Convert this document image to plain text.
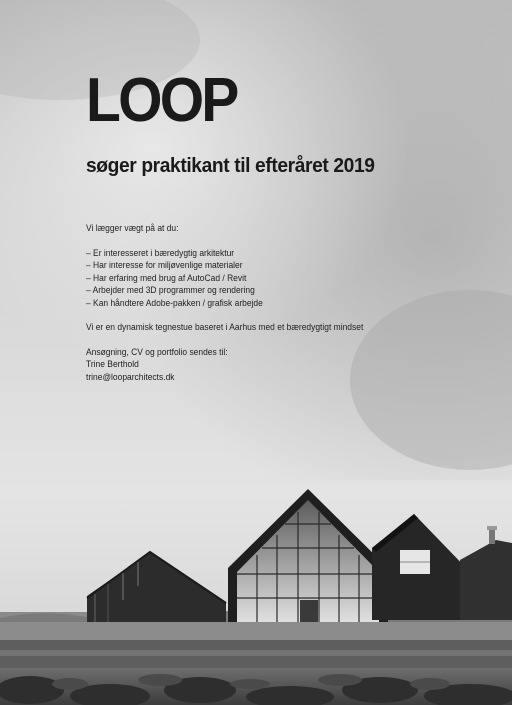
LOOP
søger praktikant til efteråret 2019

Vi lægger vægt på at du:

– Er interesseret i bæredygtig arkitektur
– Har interesse for miljøvenlige materialer
– Har erfaring med brug af AutoCad / Revit
– Arbejder med 3D programmer og rendering
– Kan håndtere Adobe-pakken / grafisk arbejde

Vi er en dynamisk tegnestue baseret i Aarhus med et bæredygtigt mindset

Ansøgning, CV og portfolio sendes til:

Trine Berthold

trine@looparchitects.dk
